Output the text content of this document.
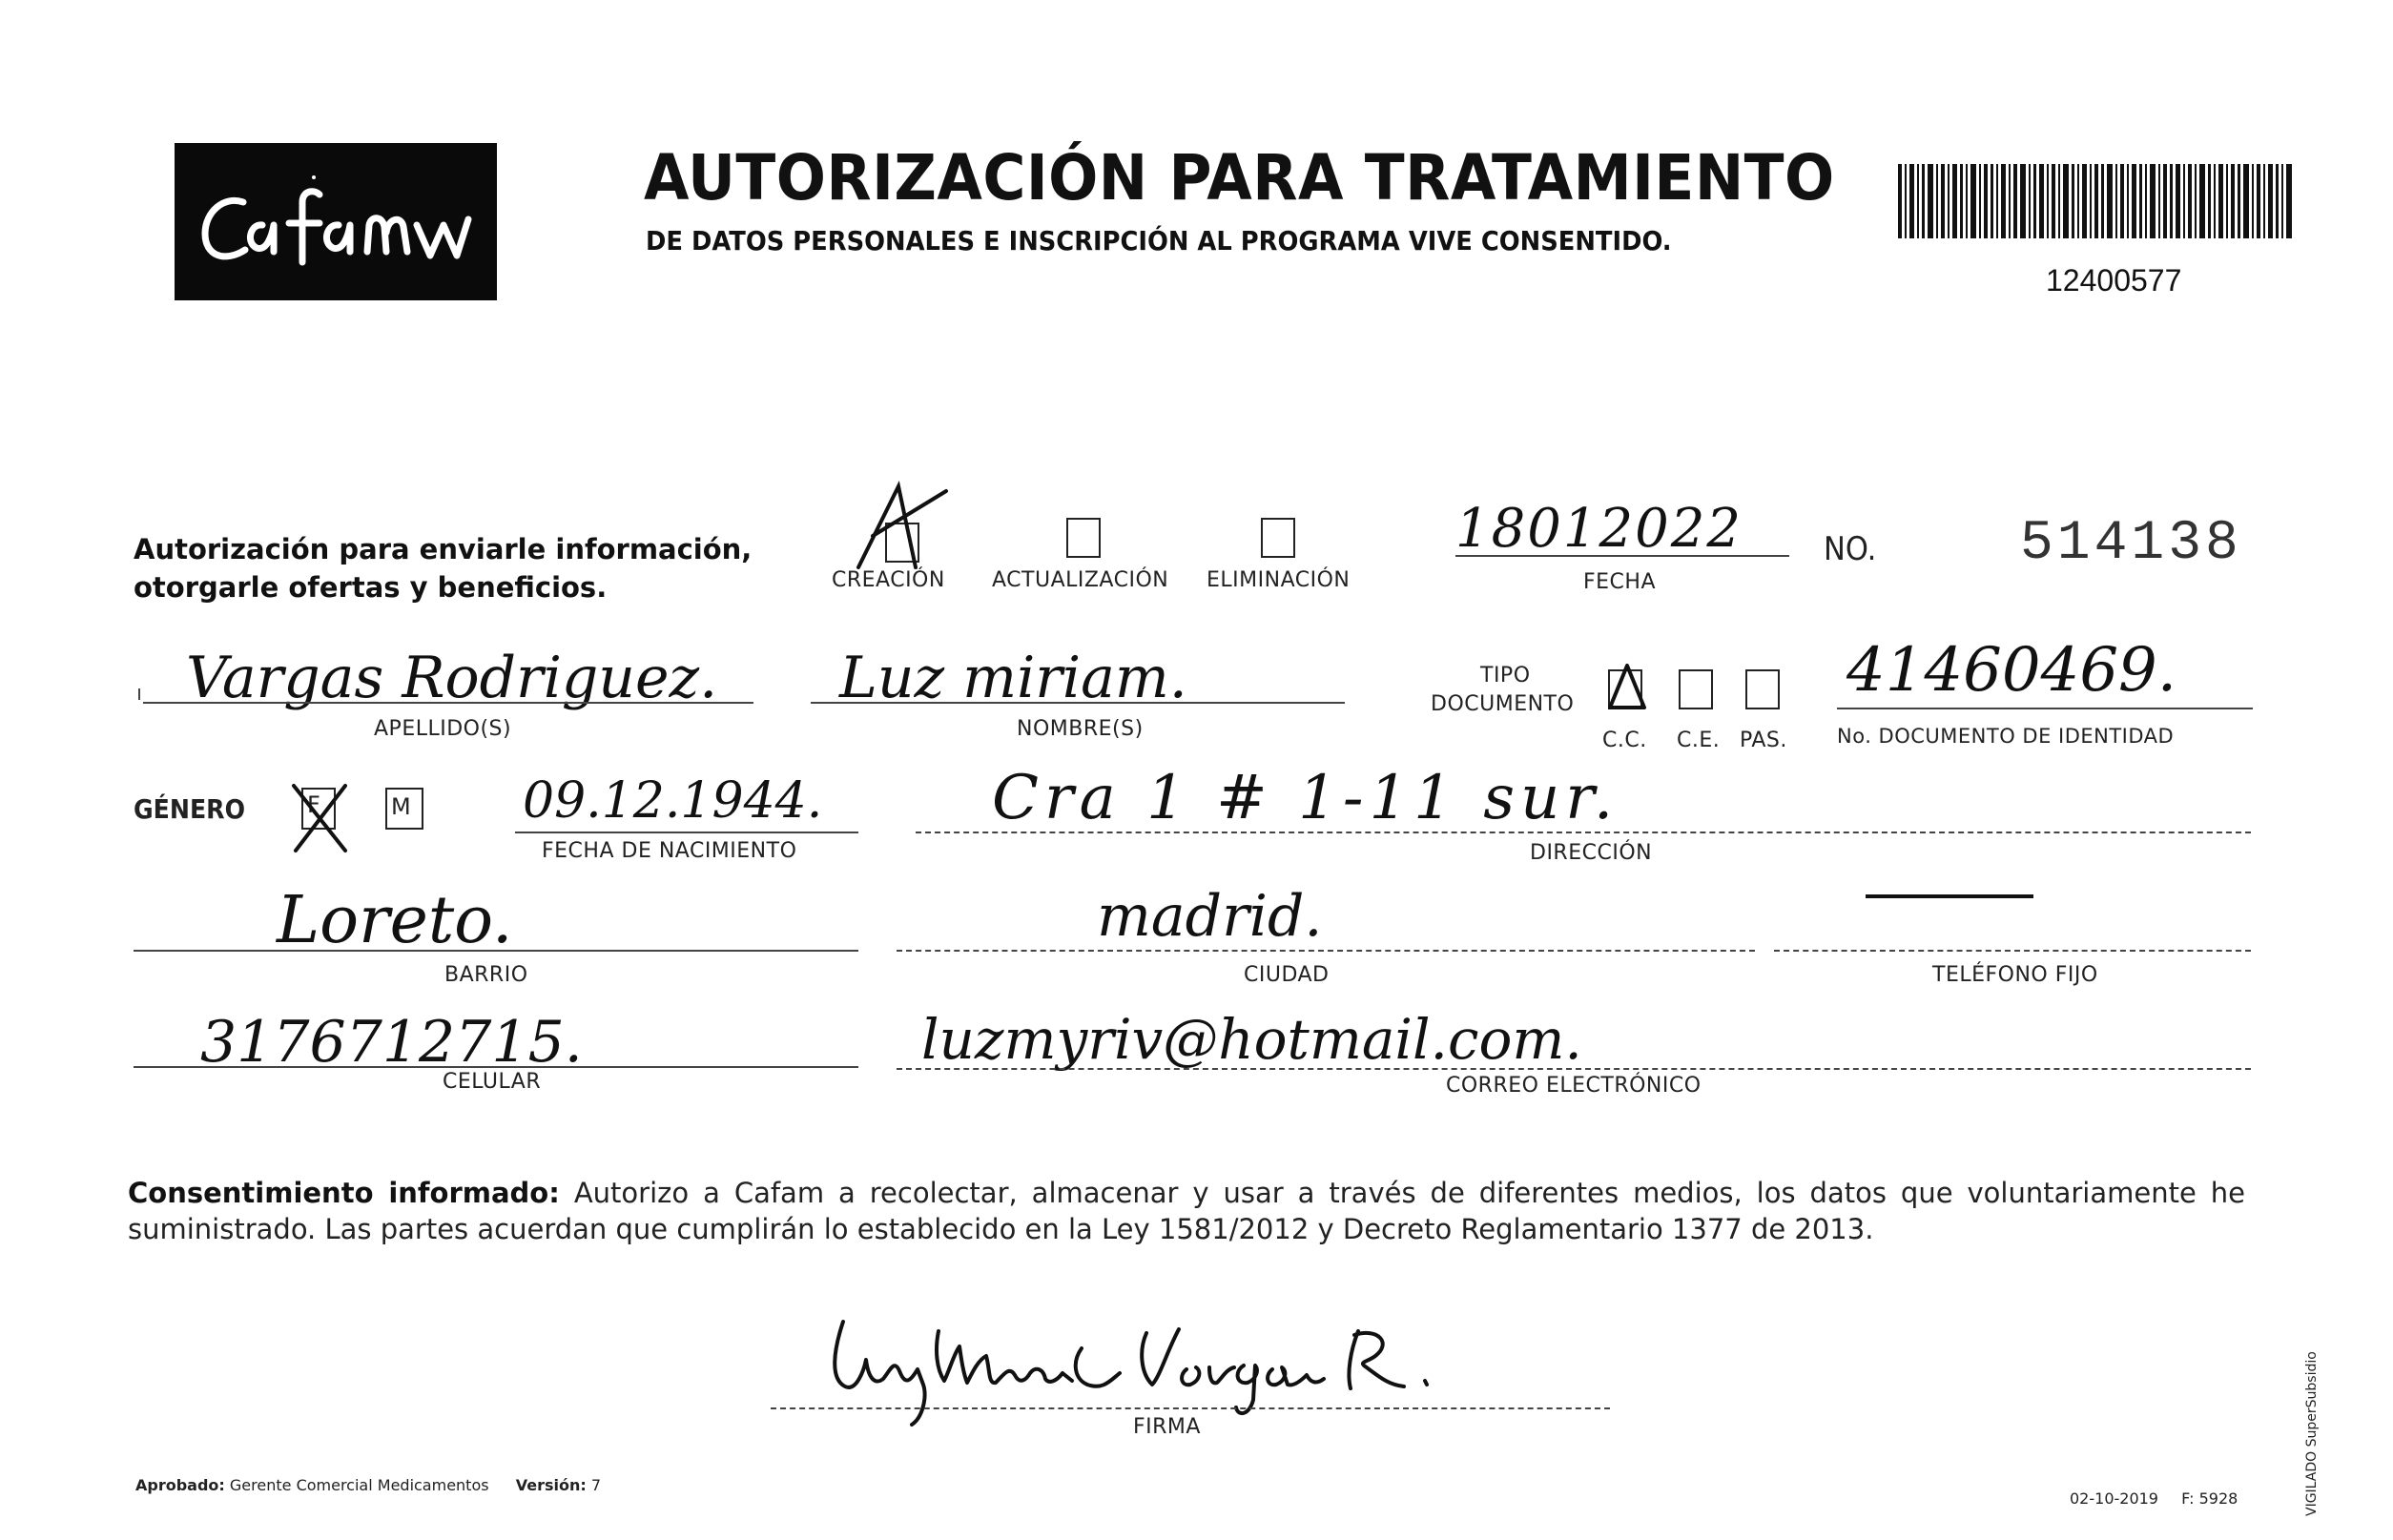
AUTORIZACIÓN PARA TRATAMIENTO
DE DATOS PERSONALES E INSCRIPCIÓN AL PROGRAMA VIVE CONSENTIDO.
12400577
Autorización para enviarle información,
otorgarle ofertas y beneficios.	CREACIÓN ACTUALIZACIÓN ELIMINACIÓN
18012022
FECHA
NO.	514138
Vargas Rodriguez.
APELLIDO(S)
Luz miriam.
NOMBRE(S)
TIPO
DOCUMENTO
C.C. C.E. PAS.
41460469.
No. DOCUMENTO DE IDENTIDAD
GÉNERO	F	M 09.12.1944.
FECHA DE NACIMIENTO
Cra 1 # 1-11 sur.
DIRECCIÓN
Loreto.
BARRIO
madrid.
CIUDAD	TELÉFONO FIJO
3176712715.
CELULAR
luzmyriv@hotmail.com.
CORREO ELECTRÓNICO
Consentimiento informado: Autorizo a Cafam a recolectar, almacenar y usar a través de diferentes medios, los datos que voluntariamente he suministrado. Las partes acuerdan que cumplirán lo establecido en la Ley 1581/2012 y Decreto Reglamentario 1377 de 2013.
FIRMA
Aprobado: Gerente Comercial Medicamentos Versión: 7
02-10-2019 F: 5928	VIGILADO SuperSubsidio
